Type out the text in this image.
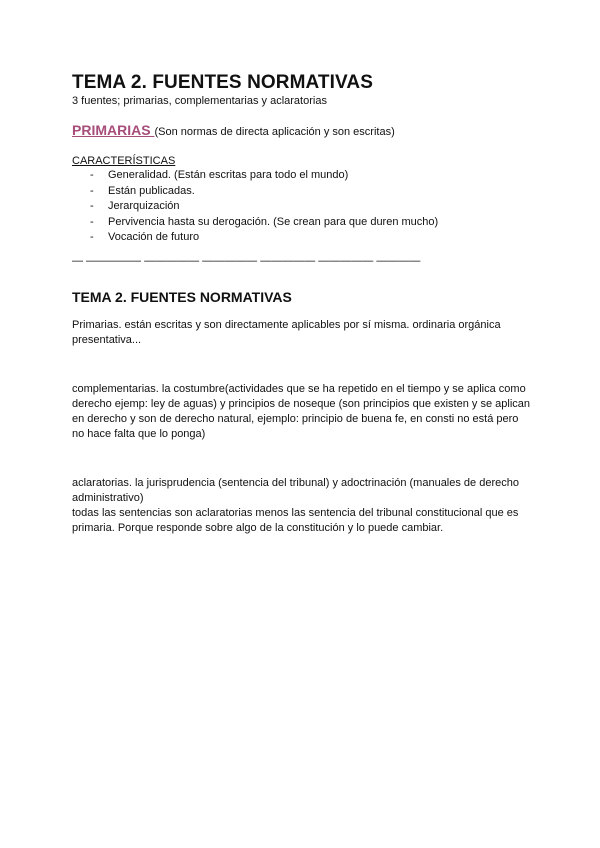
TEMA 2. FUENTES NORMATIVAS
3 fuentes; primarias, complementarias y aclaratorias
PRIMARIAS (Son normas de directa aplicación y son escritas)
CARACTERÍSTICAS
- Generalidad. (Están escritas para todo el mundo)
- Están publicadas.
- Jerarquización
- Pervivencia hasta su derogación. (Se crean para que duren mucho)
- Vocación de futuro
— ————— ————— ————— ————— ————— ————
TEMA 2. FUENTES NORMATIVAS
Primarias. están escritas y son directamente aplicables por sí misma. ordinaria orgánica presentativa...
complementarias. la costumbre(actividades que se ha repetido en el tiempo y se aplica como derecho ejemp: ley de aguas) y principios de noseque (son principios que existen y se aplican en derecho y son de derecho natural, ejemplo: principio de buena fe, en consti no está pero no hace falta que lo ponga)
aclaratorias. la jurisprudencia (sentencia del tribunal) y adoctrinación (manuales de derecho administrativo)
todas las sentencias son aclaratorias menos las sentencia del tribunal constitucional que es primaria. Porque responde sobre algo de la constitución y lo puede cambiar.
